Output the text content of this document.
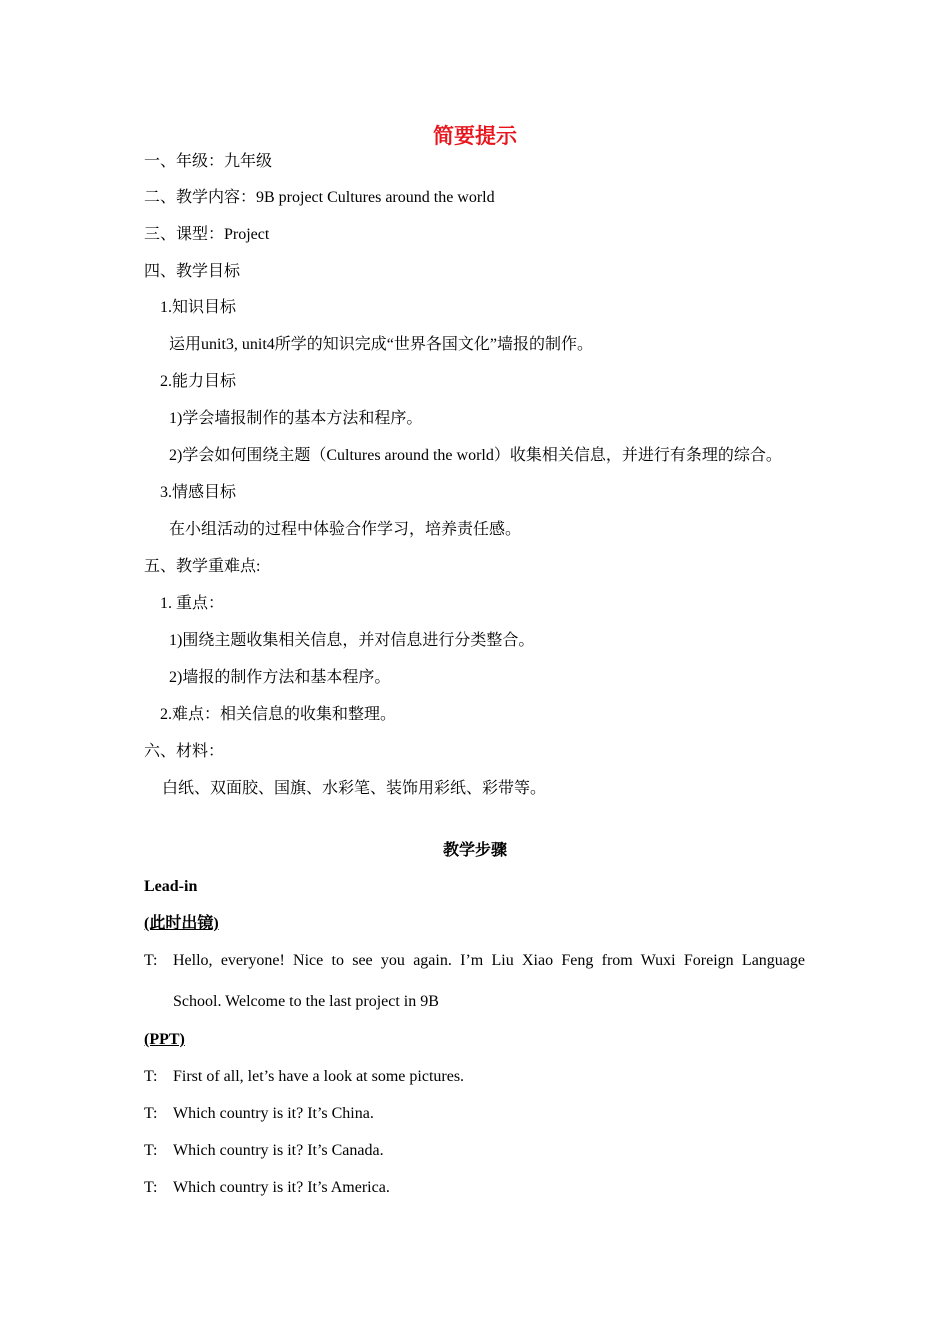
简要提示
一、年级：九年级
二、教学内容：9B project Cultures around the world
三、课型：Project
四、教学目标
1.知识目标
运用unit3, unit4所学的知识完成“世界各国文化”墙报的制作。
2.能力目标
1)学会墙报制作的基本方法和程序。
2)学会如何围绕主题（Cultures around the world）收集相关信息，并进行有条理的综合。
3.情感目标
在小组活动的过程中体验合作学习，培养责任感。
五、教学重难点:
1. 重点：
1)围绕主题收集相关信息，并对信息进行分类整合。
2)墙报的制作方法和基本程序。
2.难点：相关信息的收集和整理。
六、材料：
白纸、双面胶、国旗、水彩笔、装饰用彩纸、彩带等。
教学步骤
Lead-in
(此时出镜)
T: Hello, everyone! Nice to see you again. I’m Liu Xiao Feng from Wuxi Foreign Language
School. Welcome to the last project in 9B
(PPT)
T: First of all, let’s have a look at some pictures.
T: Which country is it? It’s China.
T: Which country is it? It’s Canada.
T: Which country is it? It’s America.
